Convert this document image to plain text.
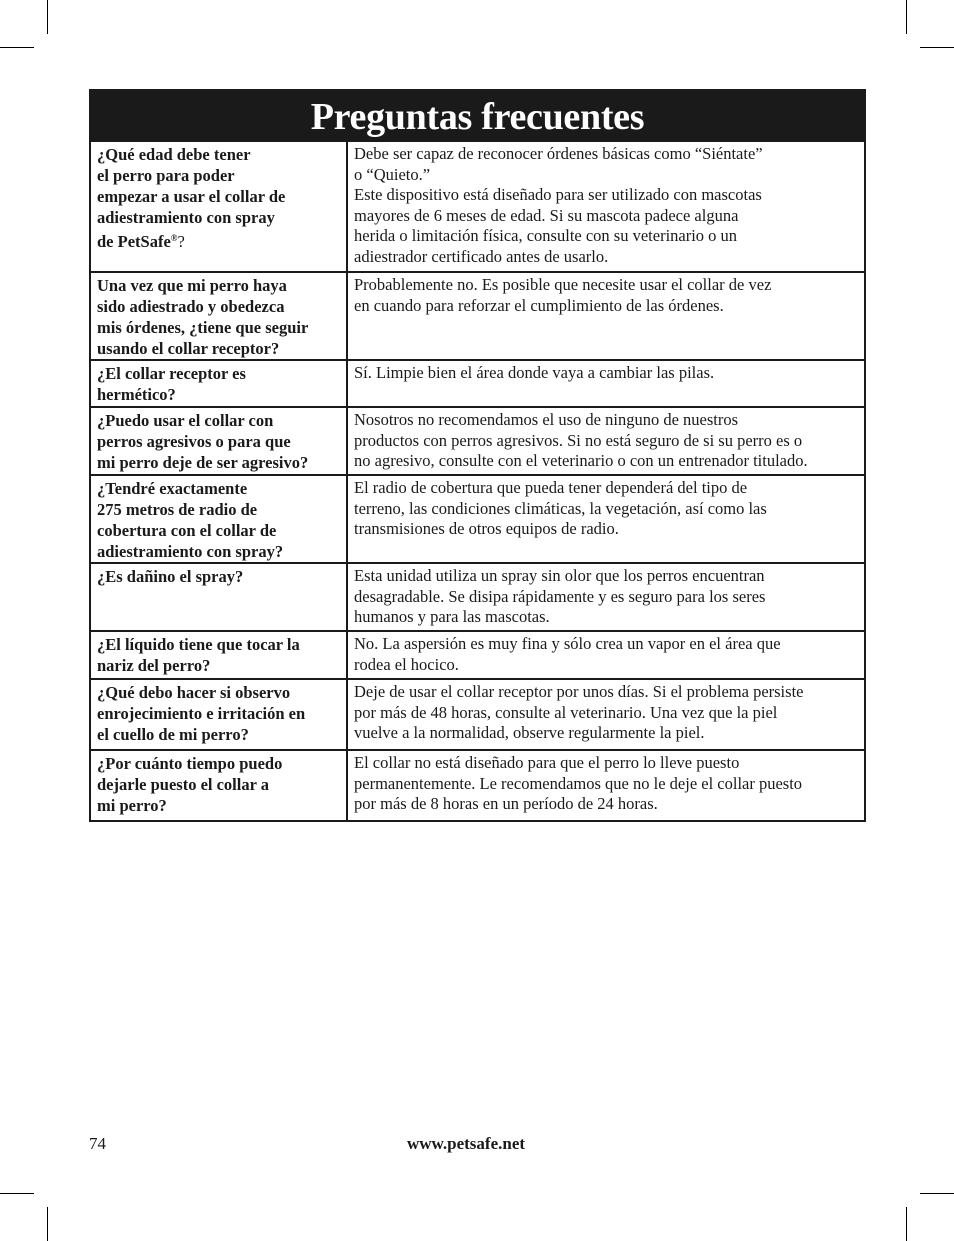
Preguntas frecuentes
¿Qué edad debe tener
el perro para poder
empezar a usar el collar de
adiestramiento con spray
de PetSafe®?
Debe ser capaz de reconocer órdenes básicas como “Siéntate”
o “Quieto.”
Este dispositivo está diseñado para ser utilizado con mascotas
mayores de 6 meses de edad. Si su mascota padece alguna
herida o limitación física, consulte con su veterinario o un
adiestrador certificado antes de usarlo.
Una vez que mi perro haya
sido adiestrado y obedezca
mis órdenes, ¿tiene que seguir
usando el collar receptor?
Probablemente no. Es posible que necesite usar el collar de vez
en cuando para reforzar el cumplimiento de las órdenes.
¿El collar receptor es
hermético?
Sí. Limpie bien el área donde vaya a cambiar las pilas.
¿Puedo usar el collar con
perros agresivos o para que
mi perro deje de ser agresivo?
Nosotros no recomendamos el uso de ninguno de nuestros
productos con perros agresivos. Si no está seguro de si su perro es o
no agresivo, consulte con el veterinario o con un entrenador titulado.
¿Tendré exactamente
275 metros de radio de
cobertura con el collar de
adiestramiento con spray?
El radio de cobertura que pueda tener dependerá del tipo de
terreno, las condiciones climáticas, la vegetación, así como las
transmisiones de otros equipos de radio.
¿Es dañino el spray?	Esta unidad utiliza un spray sin olor que los perros encuentran
desagradable. Se disipa rápidamente y es seguro para los seres
humanos y para las mascotas.
¿El líquido tiene que tocar la
nariz del perro?
No. La aspersión es muy fina y sólo crea un vapor en el área que
rodea el hocico.
¿Qué debo hacer si observo
enrojecimiento e irritación en
el cuello de mi perro?
Deje de usar el collar receptor por unos días. Si el problema persiste
por más de 48 horas, consulte al veterinario. Una vez que la piel
vuelve a la normalidad, observe regularmente la piel.
¿Por cuánto tiempo puedo
dejarle puesto el collar a
mi perro?
El collar no está diseñado para que el perro lo lleve puesto
permanentemente. Le recomendamos que no le deje el collar puesto
por más de 8 horas en un período de 24 horas.
74	www.petsafe.net
